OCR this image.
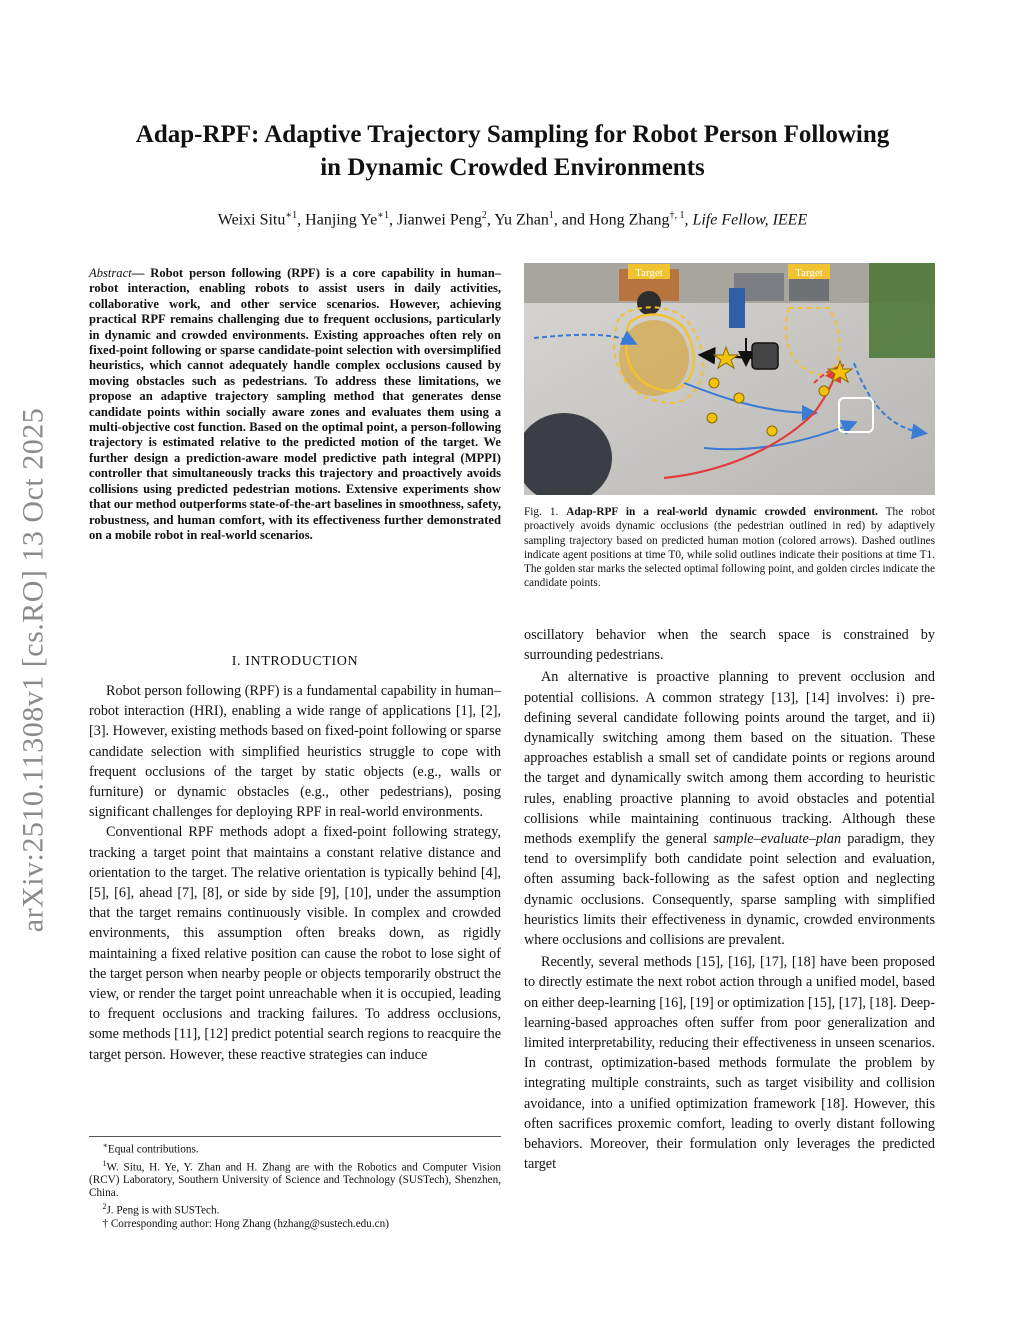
arXiv:2510.11308v1 [cs.RO] 13 Oct 2025
Adap-RPF: Adaptive Trajectory Sampling for Robot Person Following
in Dynamic Crowded Environments
Weixi Situ$^{∗1}$, Hanjing $Ye^{∗1}$, Jianwei Peng$^2$, Yu Zhan$^1$, and Hong Zhang$^{\dagger, 1}$, Life Fellow, IEEE
Abstract— Robot person following (RPF) is a core capability in human–robot interaction, enabling robots to assist users in daily activities, collaborative work, and other service scenarios. However, achieving practical RPF remains challenging due to frequent occlusions, particularly in dynamic and crowded environments. Existing approaches often rely on fixed-point following or sparse candidate-point selection with oversimplified heuristics, which cannot adequately handle complex occlusions caused by moving obstacles such as pedestrians. To address these limitations, we propose an adaptive trajectory sampling method that generates dense candidate points within socially aware zones and evaluates them using a multi-objective cost function. Based on the optimal point, a person-following trajectory is estimated relative to the predicted motion of the target. We further design a prediction-aware model predictive path integral (MPPI) controller that simultaneously tracks this trajectory and proactively avoids collisions using predicted pedestrian motions. Extensive experiments show that our method outperforms state-of-the-art baselines in smoothness, safety, robustness, and human comfort, with its effectiveness further demonstrated on a mobile robot in real-world scenarios.
I. INTRODUCTION

Robot person following (RPF) is a fundamental capability in human–robot interaction (HRI), enabling a wide range of applications [1], [2], [3]. However, existing methods based on fixed-point following or sparse candidate selection with simplified heuristics struggle to cope with frequent occlusions of the target by static objects (e.g., walls or furniture) or dynamic obstacles (e.g., other pedestrians), posing significant challenges for deploying RPF in real-world environments.

Conventional RPF methods adopt a fixed-point following strategy, tracking a target point that maintains a constant relative distance and orientation to the target. The relative orientation is typically behind [4], [5], [6], ahead [7], [8], or side by side [9], [10], under the assumption that the target remains continuously visible. In complex and crowded environments, this assumption often breaks down, as rigidly maintaining a fixed relative position can cause the robot to lose sight of the target person when nearby people or objects temporarily obstruct the view, or render the target point unreachable when it is occupied, leading to frequent occlusions and tracking failures. To address occlusions, some methods [11], [12] predict potential search regions to reacquire the target person. However, these reactive strategies can induce

∗Equal contributions.
$^1$W. Situ, H. Ye, Y. Zhan and H. Zhang are with the Robotics and Computer Vision (RCV) Laboratory, Southern University of Science and Technology (SUSTech), Shenzhen, China.
$^2$J. Peng is with SUSTech.
† Corresponding author: Hong Zhang (hzhang@sustech.edu.cn)
Target	Target
Fig. 1. Adap-RPF in a real-world dynamic crowded environment. The robot proactively avoids dynamic occlusions (the pedestrian outlined in red) by adaptively sampling trajectory based on predicted human motion (colored arrows). Dashed outlines indicate agent positions at time T0, while solid outlines indicate their positions at time T1. The golden star marks the selected optimal following point, and golden circles indicate the candidate points.

oscillatory behavior when the search space is constrained by surrounding pedestrians.

An alternative is proactive planning to prevent occlusion and potential collisions. A common strategy [13], [14] involves: i) pre-defining several candidate following points around the target, and ii) dynamically switching among them based on the situation. These approaches establish a small set of candidate points or regions around the target and dynamically switch among them according to heuristic rules, enabling proactive planning to avoid obstacles and potential collisions while maintaining continuous tracking. Although these methods exemplify the general sample–evaluate–plan paradigm, they tend to oversimplify both candidate point selection and evaluation, often assuming back-following as the safest option and neglecting dynamic occlusions. Consequently, sparse sampling with simplified heuristics limits their effectiveness in dynamic, crowded environments where occlusions and collisions are prevalent.

Recently, several methods [15], [16], [17], [18] have been proposed to directly estimate the next robot action through a unified model, based on either deep-learning [16], [19] or optimization [15], [17], [18]. Deep-learning-based approaches often suffer from poor generalization and limited interpretability, reducing their effectiveness in unseen scenarios. In contrast, optimization-based methods formulate the problem by integrating multiple constraints, such as target visibility and collision avoidance, into a unified optimization framework [18]. However, this often sacrifices proxemic comfort, leading to overly distant following behaviors. Moreover, their formulation only leverages the predicted target
